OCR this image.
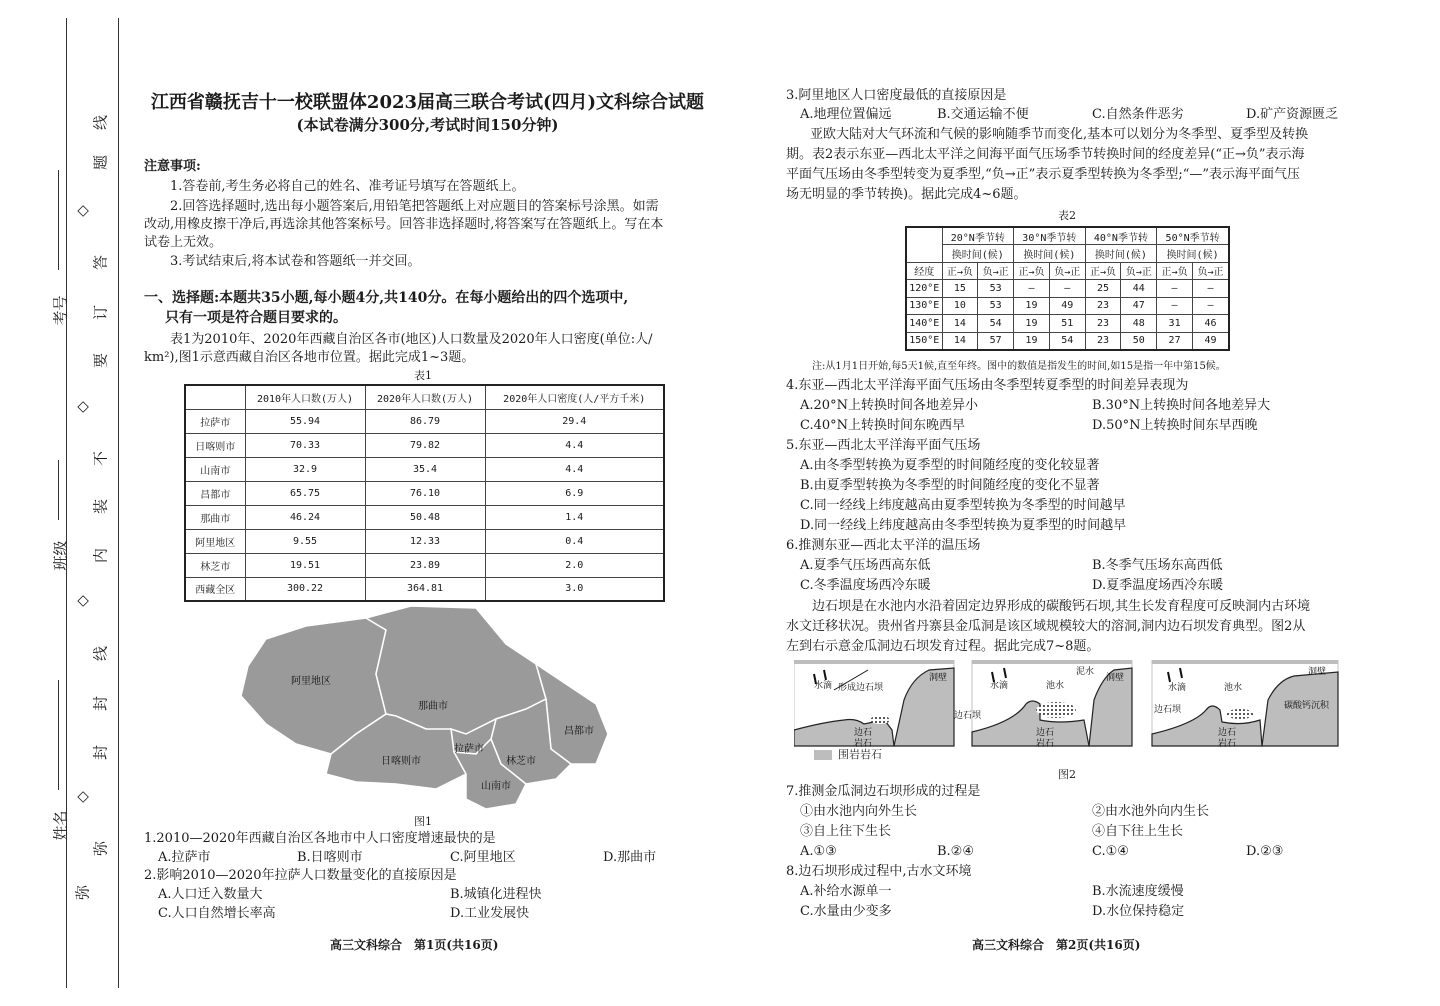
线
题
◇
答
订
要
◇
不
装
内
◇
线
封
封
◇
弥
弥
考号
班级
姓名
江西省赣抚吉十一校联盟体2023届高三联合考试(四月)文科综合试题
(本试卷满分300分,考试时间150分钟)
注意事项:
1.答卷前,考生务必将自己的姓名、准考证号填写在答题纸上。
2.回答选择题时,选出每小题答案后,用铅笔把答题纸上对应题目的答案标号涂黑。如需
改动,用橡皮擦干净后,再选涂其他答案标号。回答非选择题时,将答案写在答题纸上。写在本
试卷上无效。
3.考试结束后,将本试卷和答题纸一并交回。
一、选择题:本题共35小题,每小题4分,共140分。在每小题给出的四个选项中,
只有一项是符合题目要求的。
表1为2010年、2020年西藏自治区各市(地区)人口数量及2020年人口密度(单位:人/
km²),图1示意西藏自治区各地市位置。据此完成1~3题。
表1
	2010年人口数(万人)	2020年人口数(万人)	2020年人口密度(人/平方千米)
拉萨市	55.94	86.79	29.4
日喀则市	70.33	79.82	4.4
山南市	32.9	35.4	4.4
昌都市	65.75	76.10	6.9
那曲市	46.24	50.48	1.4
阿里地区	9.55	12.33	0.4
林芝市	19.51	23.89	2.0
西藏全区	300.22	364.81	3.0
阿里地区
那曲市
昌都市
拉萨市
林芝市
日喀则市
山南市
图1
1.2010—2020年西藏自治区各地市中人口密度增速最快的是
A.拉萨市	B.日喀则市	C.阿里地区	D.那曲市
2.影响2010—2020年拉萨人口数量变化的直接原因是
A.人口迁入数量大	B.城镇化进程快
C.人口自然增长率高	D.工业发展快
高三文科综合　第1页(共16页)
3.阿里地区人口密度最低的直接原因是
A.地理位置偏远	B.交通运输不便	C.自然条件恶劣	D.矿产资源匮乏
亚欧大陆对大气环流和气候的影响随季节而变化,基本可以划分为冬季型、夏季型及转换
期。表2表示东亚—西北太平洋之间海平面气压场季节转换时间的经度差异(“正→负”表示海
平面气压场由冬季型转变为夏季型,“负→正”表示夏季型转换为冬季型;“—”表示海平面气压
场无明显的季节转换)。据此完成4~6题。
表2
	20°N季节转		30°N季节转		40°N季节转		50°N季节转	
	换时间(候)		换时间(候)		换时间(候)		换时间(候)	
经度	正→负	负→正	正→负	负→正	正→负	负→正	正→负	负→正
120°E	15	53	—	—	25	44	—	—
130°E	10	53	19	49	23	47	—	—
140°E	14	54	19	51	23	48	31	46
150°E	14	57	19	54	23	50	27	49
注:从1月1日开始,每5天1候,直至年终。图中的数值是指发生的时间,如15是指一年中第15候。
4.东亚—西北太平洋海平面气压场由冬季型转夏季型的时间差异表现为
A.20°N上转换时间各地差异小	B.30°N上转换时间各地差异大
C.40°N上转换时间东晚西早	D.50°N上转换时间东早西晚
5.东亚—西北太平洋海平面气压场
A.由冬季型转换为夏季型的时间随经度的变化较显著
B.由夏季型转换为冬季型的时间随经度的变化不显著
C.同一经线上纬度越高由夏季型转换为冬季型的时间越早
D.同一经线上纬度越高由冬季型转换为夏季型的时间越早
6.推测东亚—西北太平洋的温压场
A.夏季气压场西高东低	B.冬季气压场东高西低
C.冬季温度场西冷东暖	D.夏季温度场西冷东暖
边石坝是在水池内水沿着固定边界形成的碳酸钙石坝,其生长发育程度可反映洞内古环境
水文迁移状况。贵州省丹寨县金瓜洞是该区域规模较大的溶洞,洞内边石坝发育典型。图2从
左到右示意金瓜洞边石坝发育过程。据此完成7~8题。
水滴 形成边石坝
洞壁
边石
岩石
水滴	池水
泥水
洞壁
边石坝
边石
岩石
水滴	池水
洞壁
边石坝	碳酸钙沉积
边石
岩石
围岩岩石
图2
7.推测金瓜洞边石坝形成的过程是
①由水池内向外生长	②由水池外向内生长
③自上往下生长	④自下往上生长
A.①③	B.②④	C.①④	D.②③
8.边石坝形成过程中,古水文环境
A.补给水源单一	B.水流速度缓慢
C.水量由少变多	D.水位保持稳定
高三文科综合　第2页(共16页)
